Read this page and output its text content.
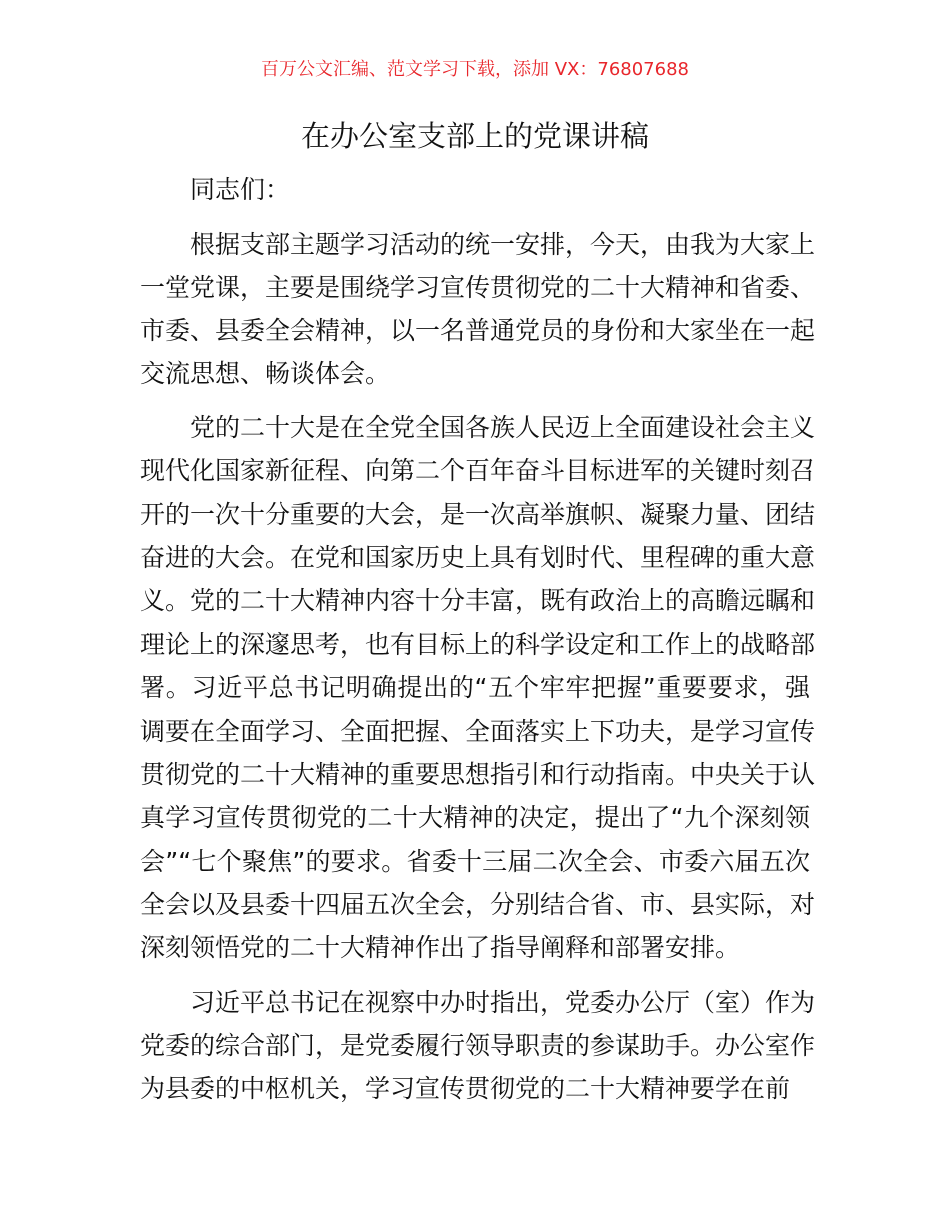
百万公文汇编、范文学习下载，添加 VX：76807688
在办公室支部上的党课讲稿
同志们：
根据支部主题学习活动的统一安排，今天，由我为大家上
一堂党课，主要是围绕学习宣传贯彻党的二十大精神和省委、
市委、县委全会精神，以一名普通党员的身份和大家坐在一起
交流思想、畅谈体会。
党的二十大是在全党全国各族人民迈上全面建设社会主义
现代化国家新征程、向第二个百年奋斗目标进军的关键时刻召
开的一次十分重要的大会，是一次高举旗帜、凝聚力量、团结
奋进的大会。在党和国家历史上具有划时代、里程碑的重大意
义。党的二十大精神内容十分丰富，既有政治上的高瞻远瞩和
理论上的深邃思考，也有目标上的科学设定和工作上的战略部
署。习近平总书记明确提出的“五个牢牢把握”重要要求，强
调要在全面学习、全面把握、全面落实上下功夫，是学习宣传
贯彻党的二十大精神的重要思想指引和行动指南。中央关于认
真学习宣传贯彻党的二十大精神的决定，提出了“九个深刻领
会”“七个聚焦”的要求。省委十三届二次全会、市委六届五次
全会以及县委十四届五次全会，分别结合省、市、县实际，对
深刻领悟党的二十大精神作出了指导阐释和部署安排。
习近平总书记在视察中办时指出，党委办公厅（室）作为
党委的综合部门，是党委履行领导职责的参谋助手。办公室作
为县委的中枢机关，学习宣传贯彻党的二十大精神要学在前
